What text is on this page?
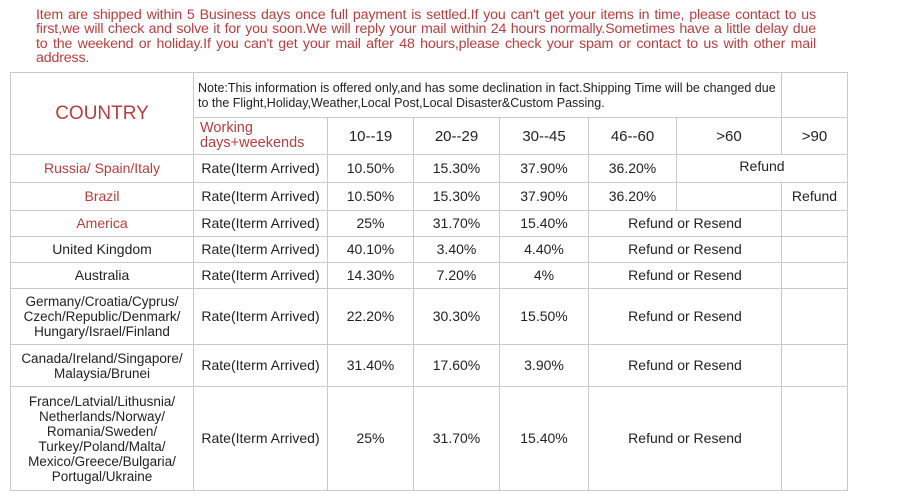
Item are shipped within 5 Business days once full payment is settled.If you can't get your items in time, please contact to us first,we will check and solve it for you soon.We will reply your mail within 24 hours normally.Sometimes have a little delay due to the weekend or holiday.If you can't get your mail after 48 hours,please check your spam or contact to us with other mail address.
COUNTRY	Note:This information is offered only,and has some declination in fact.Shipping Time will be changed due to the Flight,Holiday,Weather,Local Post,Local Disaster&Custom Passing.						
	Working days+weekends	10--19	20--29	30--45	46--60	>60	>90
Russia/ Spain/Italy	Rate(Iterm Arrived)	10.50%	15.30%	37.90%	36.20%	Refund	
Brazil	Rate(Iterm Arrived)	10.50%	15.30%	37.90%	36.20%		Refund
America	Rate(Iterm Arrived)	25%	31.70%	15.40%	Refund or Resend		
United Kingdom	Rate(Iterm Arrived)	40.10%	3.40%	4.40%	Refund or Resend		
Australia	Rate(Iterm Arrived)	14.30%	7.20%	4%	Refund or Resend		
Germany/Croatia/Cyprus/ Czech/Republic/Denmark/ Hungary/Israel/Finland	Rate(Iterm Arrived)	22.20%	30.30%	15.50%	Refund or Resend		
Canada/Ireland/Singapore/ Malaysia/Brunei	Rate(Iterm Arrived)	31.40%	17.60%	3.90%	Refund or Resend		
France/Latvial/Lithusnia/ Netherlands/Norway/ Romania/Sweden/ Turkey/Poland/Malta/ Mexico/Greece/Bulgaria/ Portugal/Ukraine	Rate(Iterm Arrived)	25%	31.70%	15.40%	Refund or Resend		
